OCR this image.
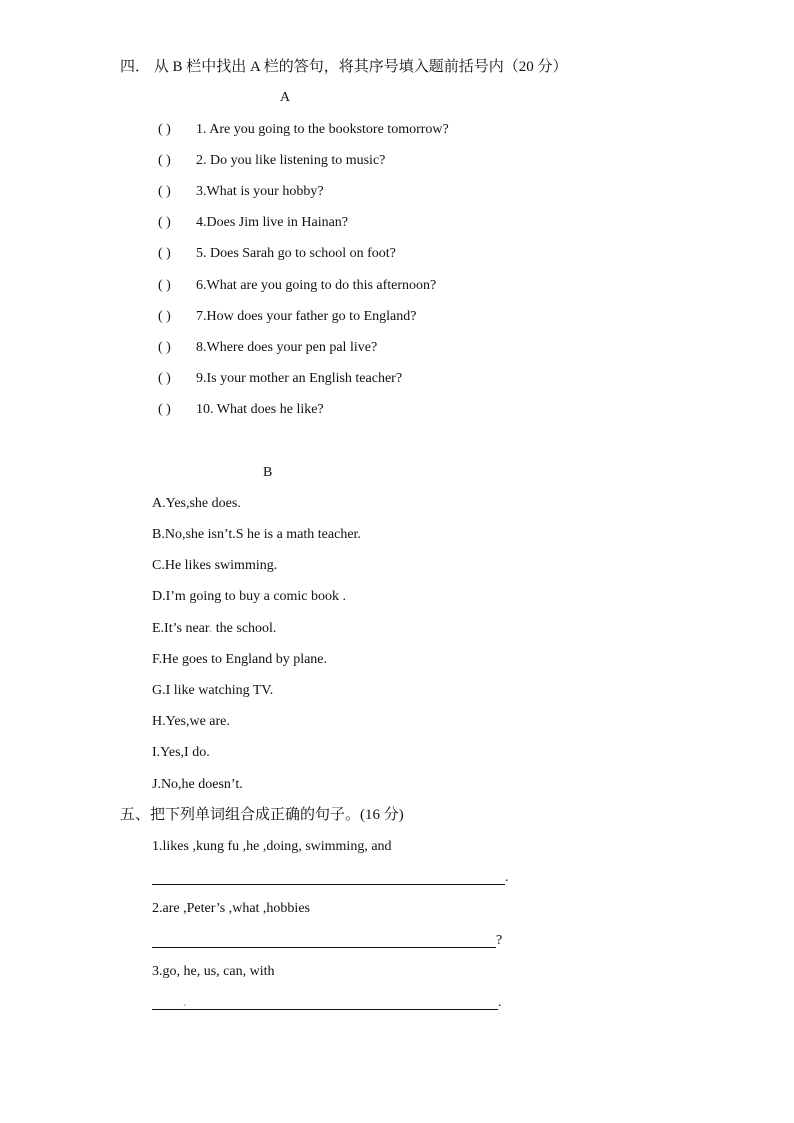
四． 从 B 栏中找出 A 栏的答句，将其序号填入题前括号内（20 分）
A
( ) 1. Are you going to the bookstore tomorrow?
( ) 2. Do you like listening to music?
( ) 3.What is your hobby?
( ) 4.Does Jim live in Hainan?
( ) 5. Does Sarah go to school on foot?
( ) 6.What are you going to do this afternoon?
( ) 7.How does your father go to England?
( ) 8.Where does your pen pal live?
( ) 9.Is your mother an English teacher?
( ) 10. What does he like?
B
A.Yes,she does.
B.No,she isn’t.S he is a math teacher.
C.He likes swimming.
D.I’m going to buy a comic book .
E.It’s near. the school.
F.He goes to England by plane.
G.I like watching TV.
H.Yes,we are.
I.Yes,I do.
J.No,he doesn’t.
五、把下列单词组合成正确的句子。(16 分)
1.likes ,kung fu ,he ,doing, swimming, and
.
2.are ,Peter’s ,what ,hobbies
?
3.go, he, us, can, with
.	.
